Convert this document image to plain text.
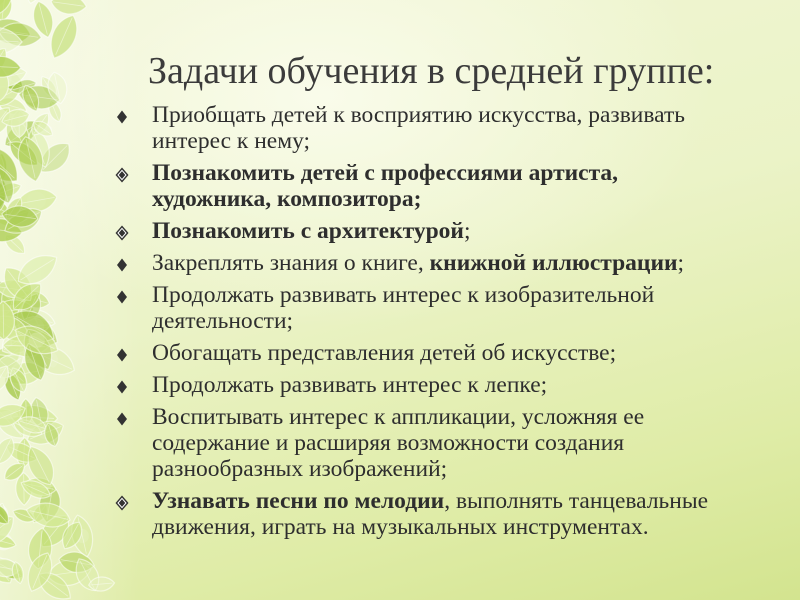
Задачи обучения в средней группе:
Приобщать детей к восприятию искусства, развивать
интерес к нему;
Познакомить детей с профессиями артиста,
художника, композитора;
Познакомить с архитектурой;
Закреплять знания о книге, книжной иллюстрации;
Продолжать развивать интерес к изобразительной
деятельности;
Обогащать представления детей об искусстве;
Продолжать развивать интерес к лепке;
Воспитывать интерес к аппликации, усложняя ее
содержание и расширяя возможности создания
разнообразных изображений;
Узнавать песни по мелодии, выполнять танцевальные
движения, играть на музыкальных инструментах.
